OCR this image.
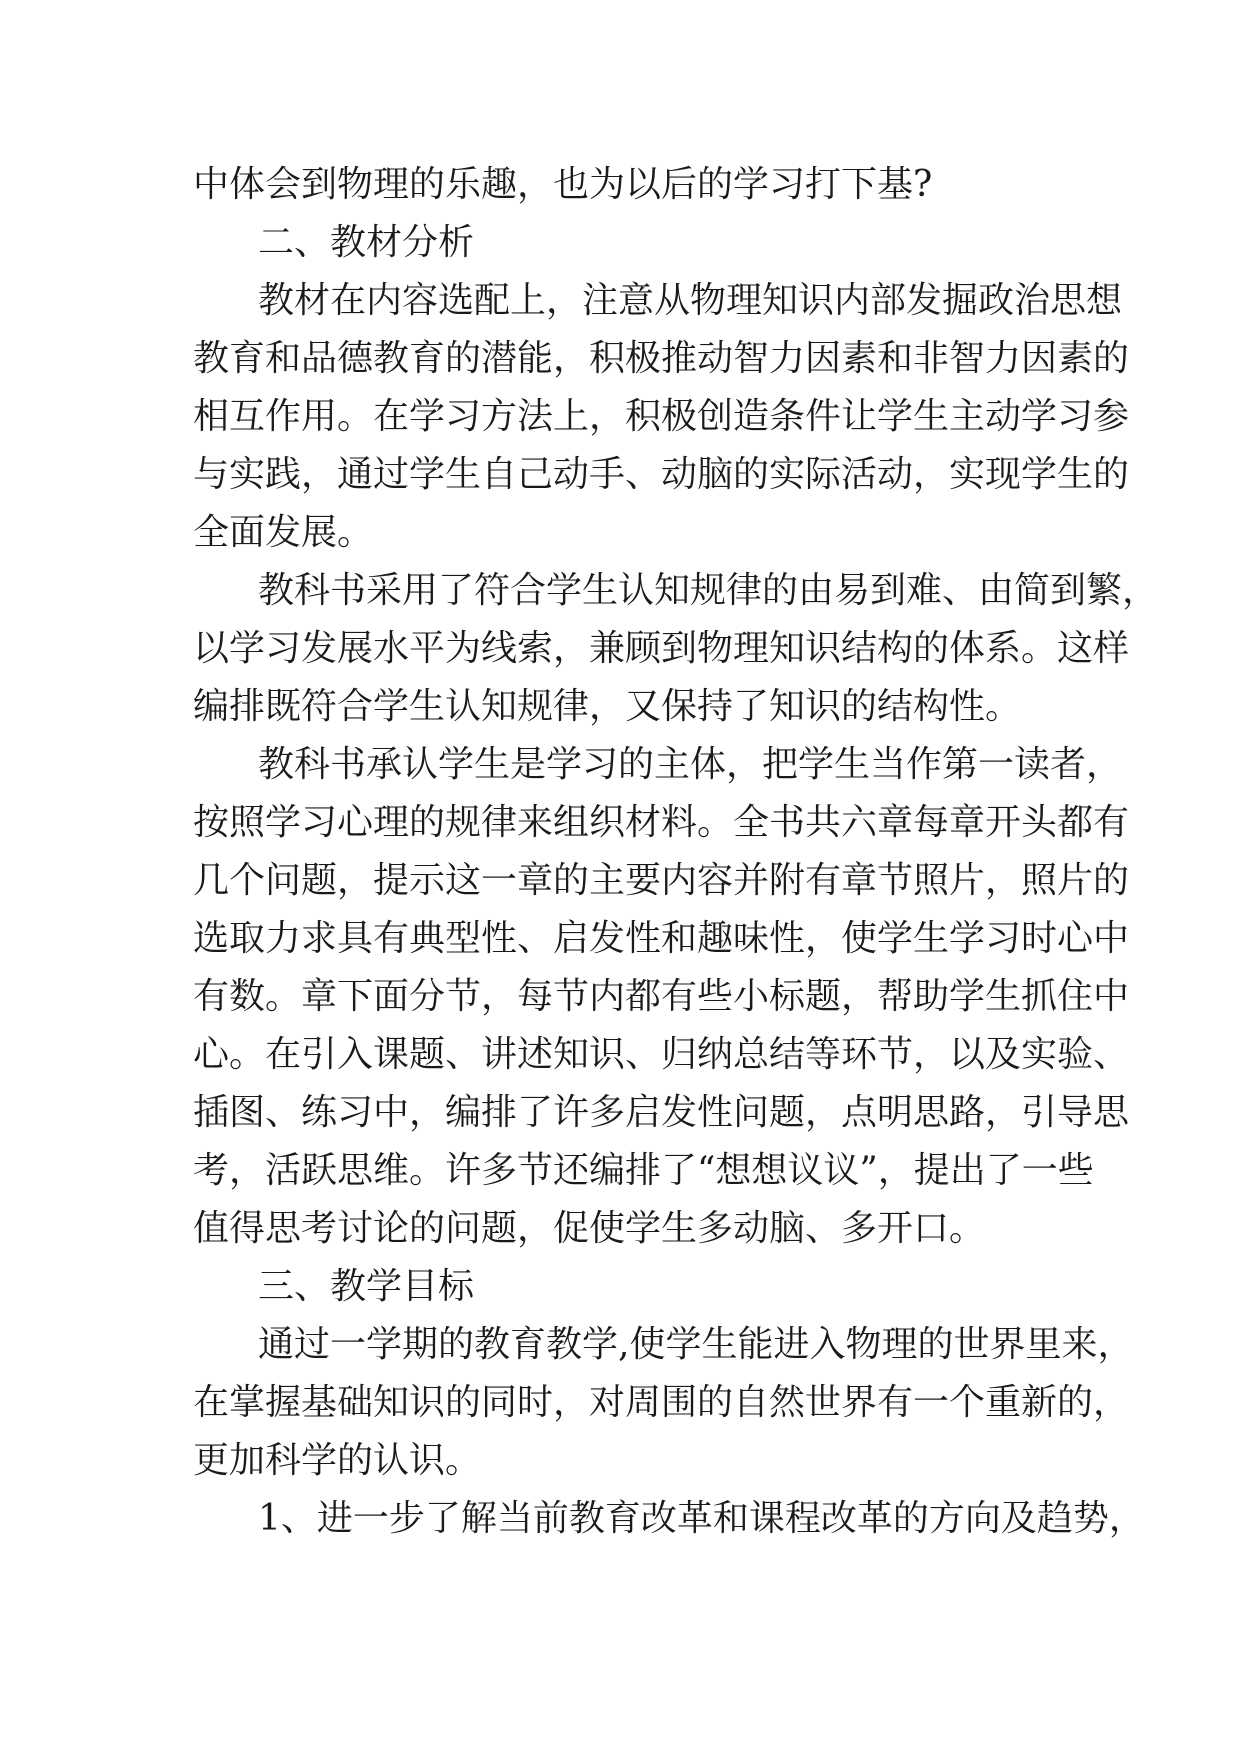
中体会到物理的乐趣，也为以后的学习打下基?
二、教材分析
教材在内容选配上，注意从物理知识内部发掘政治思想
教育和品德教育的潜能，积极推动智力因素和非智力因素的
相互作用。在学习方法上，积极创造条件让学生主动学习参
与实践，通过学生自己动手、动脑的实际活动，实现学生的
全面发展。
教科书采用了符合学生认知规律的由易到难、由简到繁，
以学习发展水平为线索，兼顾到物理知识结构的体系。这样
编排既符合学生认知规律，又保持了知识的结构性。
教科书承认学生是学习的主体，把学生当作第一读者，
按照学习心理的规律来组织材料。全书共六章每章开头都有
几个问题，提示这一章的主要内容并附有章节照片，照片的
选取力求具有典型性、启发性和趣味性，使学生学习时心中
有数。章下面分节，每节内都有些小标题，帮助学生抓住中
心。在引入课题、讲述知识、归纳总结等环节，以及实验、
插图、练习中，编排了许多启发性问题，点明思路，引导思
考，活跃思维。许多节还编排了“想想议议”，提出了一些
值得思考讨论的问题，促使学生多动脑、多开口。
三、教学目标
通过一学期的教育教学,使学生能进入物理的世界里来，
在掌握基础知识的同时，对周围的自然世界有一个重新的，
更加科学的认识。
1、进一步了解当前教育改革和课程改革的方向及趋势，
